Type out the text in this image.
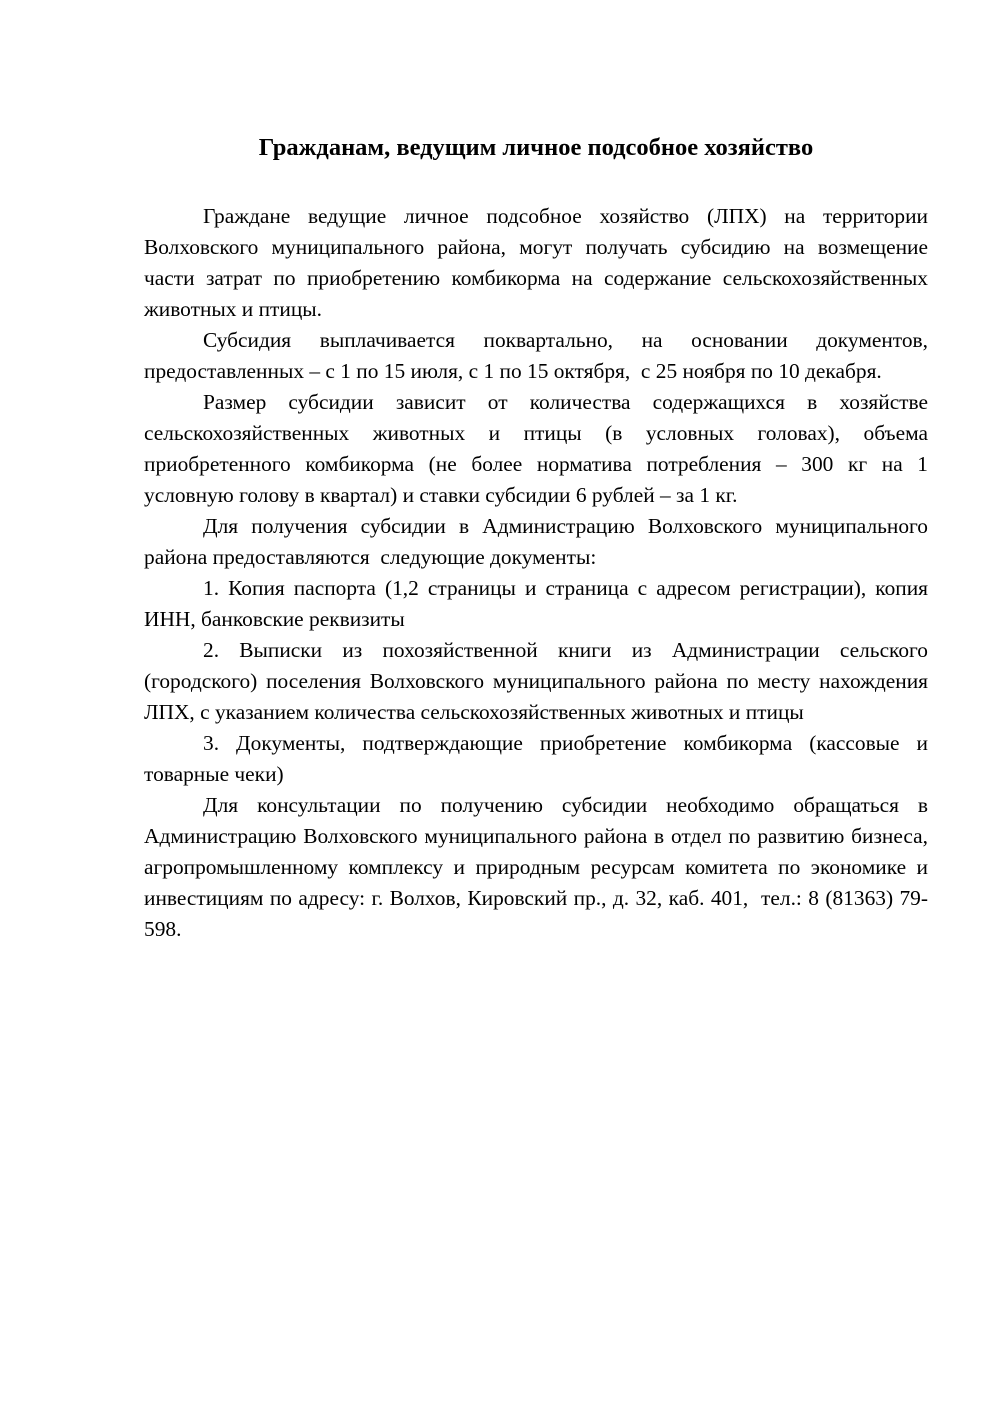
Гражданам, ведущим личное подсобное хозяйство

Граждане ведущие личное подсобное хозяйство (ЛПХ) на территории Волховского муниципального района, могут получать субсидию на возмещение части затрат по приобретению комбикорма на содержание сельскохозяйственных животных и птицы.

Субсидия выплачивается поквартально, на основании документов, предоставленных – с 1 по 15 июля, с 1 по 15 октября,  с 25 ноября по 10 декабря.

Размер субсидии зависит от количества содержащихся в хозяйстве сельскохозяйственных животных и птицы (в условных головах), объема приобретенного комбикорма (не более норматива потребления – 300 кг на 1 условную голову в квартал) и ставки субсидии 6 рублей – за 1 кг.

Для получения субсидии в Администрацию Волховского муниципального района предоставляются  следующие документы:

1. Копия паспорта (1,2 страницы и страница с адресом регистрации), копия ИНН, банковские реквизиты

2. Выписки из похозяйственной книги из Администрации сельского (городского) поселения Волховского муниципального района по месту нахождения ЛПХ, с указанием количества сельскохозяйственных животных и птицы

3. Документы, подтверждающие приобретение комбикорма (кассовые и товарные чеки)

Для консультации по получению субсидии необходимо обращаться в Администрацию Волховского муниципального района в отдел по развитию бизнеса, агропромышленному комплексу и природным ресурсам комитета по экономике и инвестициям по адресу: г. Волхов, Кировский пр., д. 32, каб. 401,  тел.: 8 (81363) 79-598.
